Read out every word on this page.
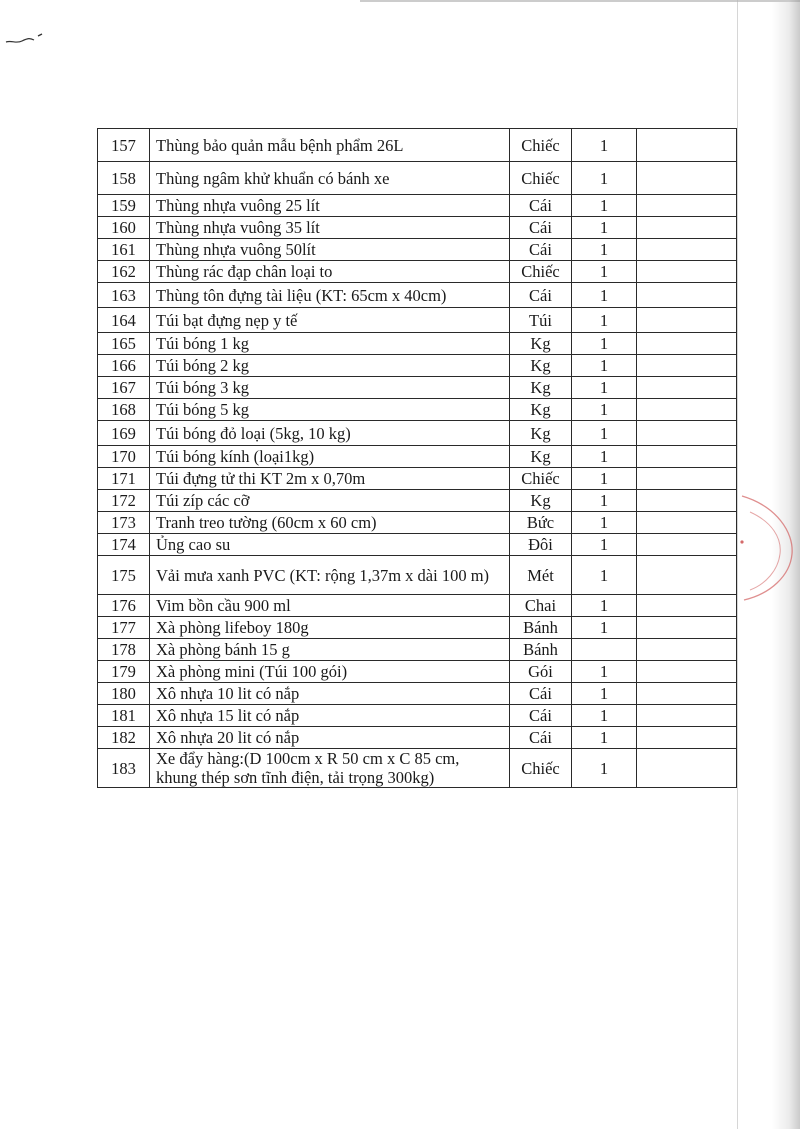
157	Thùng bảo quản mẫu bệnh phẩm 26L	Chiếc	1	
158	Thùng ngâm khử khuẩn có bánh xe	Chiếc	1	
159	Thùng nhựa vuông 25 lít	Cái	1	
160	Thùng nhựa vuông 35 lít	Cái	1	
161	Thùng nhựa vuông 50lít	Cái	1	
162	Thùng rác đạp chân loại to	Chiếc	1	
163	Thùng tôn đựng tài liệu (KT: 65cm x 40cm)	Cái	1	
164	Túi bạt đựng nẹp y tế	Túi	1	
165	Túi bóng 1 kg	Kg	1	
166	Túi bóng 2 kg	Kg	1	
167	Túi bóng 3 kg	Kg	1	
168	Túi bóng 5 kg	Kg	1	
169	Túi bóng đỏ loại (5kg, 10 kg)	Kg	1	
170	Túi bóng kính (loại1kg)	Kg	1	
171	Túi đựng tử thi KT 2m x 0,70m	Chiếc	1	
172	Túi zíp các cỡ	Kg	1	
173	Tranh treo tường (60cm x 60 cm)	Bức	1	
174	Ủng cao su	Đôi	1	
175	Vải mưa xanh PVC (KT: rộng 1,37m x dài 100 m)	Mét	1	
176	Vim bồn cầu 900 ml	Chai	1	
177	Xà phòng lifeboy 180g	Bánh	1	
178	Xà phòng bánh 15 g	Bánh		
179	Xà phòng mini (Túi 100 gói)	Gói	1	
180	Xô nhựa 10 lit có nắp	Cái	1	
181	Xô nhựa 15 lit có nắp	Cái	1	
182	Xô nhựa 20 lit có nắp	Cái	1	
183	Xe đẩy hàng:(D 100cm x R 50 cm x C 85 cm, khung thép sơn tĩnh điện, tải trọng 300kg)	Chiếc	1	
